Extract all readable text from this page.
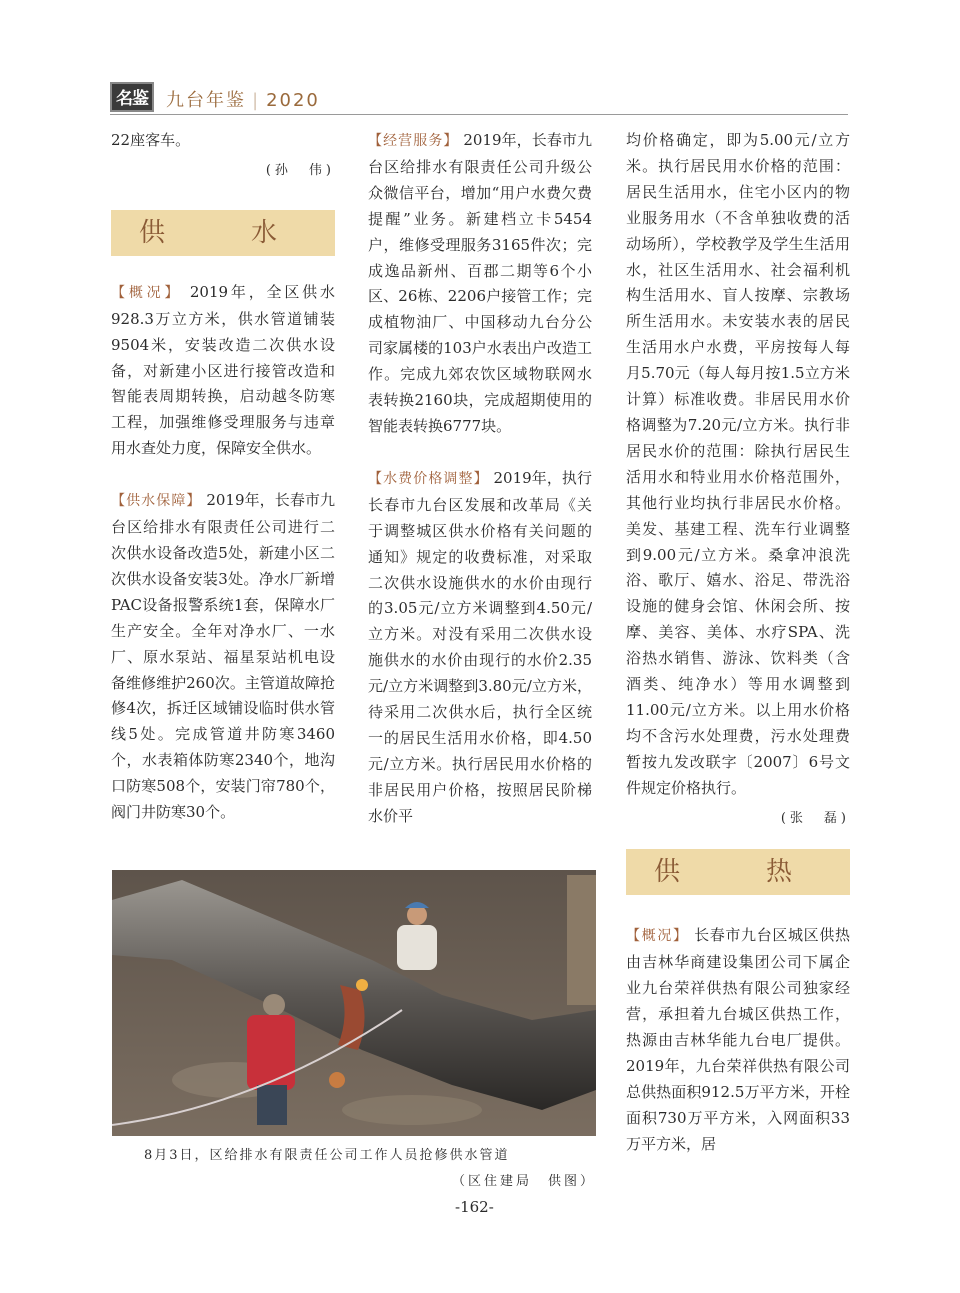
名鉴	九台年鉴 | 2020

22座客车。

(孙　伟)

供　水

【概况】 2019年，全区供水928.3万立方米，供水管道铺装9504米，安装改造二次供水设备，对新建小区进行接管改造和智能表周期转换，启动越冬防寒工程，加强维修受理服务与违章用水查处力度，保障安全供水。

【供水保障】 2019年，长春市九台区给排水有限责任公司进行二次供水设备改造5处，新建小区二次供水设备安装3处。净水厂新增PAC设备报警系统1套，保障水厂生产安全。全年对净水厂、一水厂、原水泵站、福星泵站机电设备维修维护260次。主管道故障抢修4次，拆迁区域铺设临时供水管线5处。完成管道井防寒3460个，水表箱体防寒2340个，地沟口防寒508个，安装门帘780个，阀门井防寒30个。

【经营服务】 2019年，长春市九台区给排水有限责任公司升级公众微信平台，增加“用户水费欠费提醒”业务。新建档立卡5454户，维修受理服务3165件次；完成逸品新州、百郡二期等6个小区、26栋、2206户接管工作；完成植物油厂、中国移动九台分公司家属楼的103户水表出户改造工作。完成九郊农饮区域物联网水表转换2160块，完成超期使用的智能表转换6777块。

【水费价格调整】 2019年，执行长春市九台区发展和改革局《关于调整城区供水价格有关问题的通知》规定的收费标准，对采取二次供水设施供水的水价由现行的3.05元/立方米调整到4.50元/立方米。对没有采用二次供水设施供水的水价由现行的水价2.35元/立方米调整到3.80元/立方米，待采用二次供水后，执行全区统一的居民生活用水价格，即4.50元/立方米。执行居民用水价格的非居民用户价格，按照居民阶梯水价平

均价格确定，即为5.00元/立方米。执行居民用水价格的范围：居民生活用水，住宅小区内的物业服务用水（不含单独收费的活动场所），学校教学及学生生活用水，社区生活用水、社会福利机构生活用水、盲人按摩、宗教场所生活用水。未安装水表的居民生活用水户水费，平房按每人每月5.70元（每人每月按1.5立方米计算）标准收费。非居民用水价格调整为7.20元/立方米。执行非居民水价的范围：除执行居民生活用水和特业用水价格范围外，其他行业均执行非居民水价格。美发、基建工程、洗车行业调整到9.00元/立方米。桑拿冲浪洗浴、歌厅、嬉水、浴足、带洗浴设施的健身会馆、休闲会所、按摩、美容、美体、水疗SPA、洗浴热水销售、游泳、饮料类（含酒类、纯净水）等用水调整到11.00元/立方米。以上用水价格均不含污水处理费，污水处理费暂按九发改联字〔2007〕6号文件规定价格执行。

(张　磊)

供　热

【概况】 长春市九台区城区供热由吉林华商建设集团公司下属企业九台荣祥供热有限公司独家经营，承担着九台城区供热工作，热源由吉林华能九台电厂提供。2019年，九台荣祥供热有限公司总供热面积912.5万平方米，开栓面积730万平方米，入网面积33万平方米，居

8月3日，区给排水有限责任公司工作人员抢修供水管道
（区住建局　供图）
-162-
